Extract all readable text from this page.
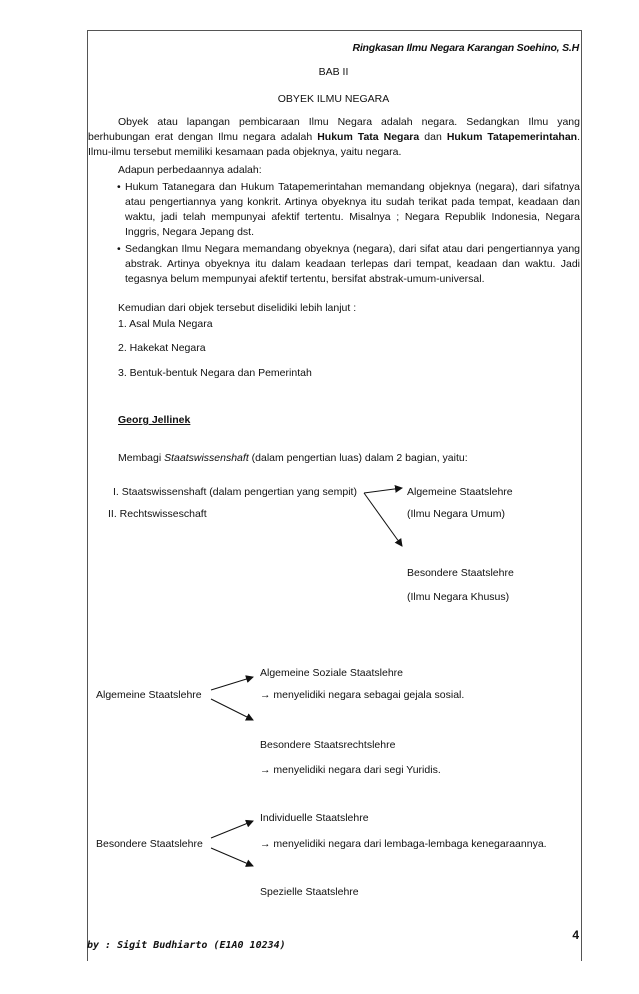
Ringkasan Ilmu Negara Karangan Soehino, S.H
BAB II
OBYEK ILMU NEGARA
Obyek atau lapangan pembicaraan Ilmu Negara adalah negara. Sedangkan Ilmu yang berhubungan erat dengan Ilmu negara adalah Hukum Tata Negara dan Hukum Tatapemerintahan. Ilmu-ilmu tersebut memiliki kesamaan pada objeknya, yaitu negara.
Adapun perbedaannya adalah:
• Hukum Tatanegara dan Hukum Tatapemerintahan memandang objeknya (negara), dari sifatnya atau pengertiannya yang konkrit. Artinya obyeknya itu sudah terikat pada tempat, keadaan dan waktu, jadi telah mempunyai afektif tertentu. Misalnya ; Negara Republik Indonesia, Negara Inggris, Negara Jepang dst.
• Sedangkan Ilmu Negara memandang obyeknya (negara), dari sifat atau dari pengertiannya yang abstrak. Artinya obyeknya itu dalam keadaan terlepas dari tempat, keadaan dan waktu. Jadi tegasnya belum mempunyai afektif tertentu, bersifat abstrak-umum-universal.
Kemudian dari objek tersebut diselidiki lebih lanjut :
1. Asal Mula Negara
2. Hakekat Negara
3. Bentuk-bentuk Negara dan Pemerintah
Georg Jellinek
Membagi Staatswissenshaft (dalam pengertian luas) dalam 2 bagian, yaitu:
I. Staatswissenshaft (dalam pengertian yang sempit)
II. Rechtswisseschaft
Algemeine Staatslehre
(Ilmu Negara Umum)
Besondere Staatslehre
(Ilmu Negara Khusus)
Algemeine Staatslehre
Algemeine Soziale Staatslehre
→ menyelidiki negara sebagai gejala sosial.
Besondere Staatsrechtslehre
→ menyelidiki negara dari segi Yuridis.
Besondere Staatslehre
Individuelle Staatslehre
→ menyelidiki negara dari lembaga-lembaga kenegaraannya.
Spezielle Staatslehre
4
by : Sigit Budhiarto (E1A0 10234)
